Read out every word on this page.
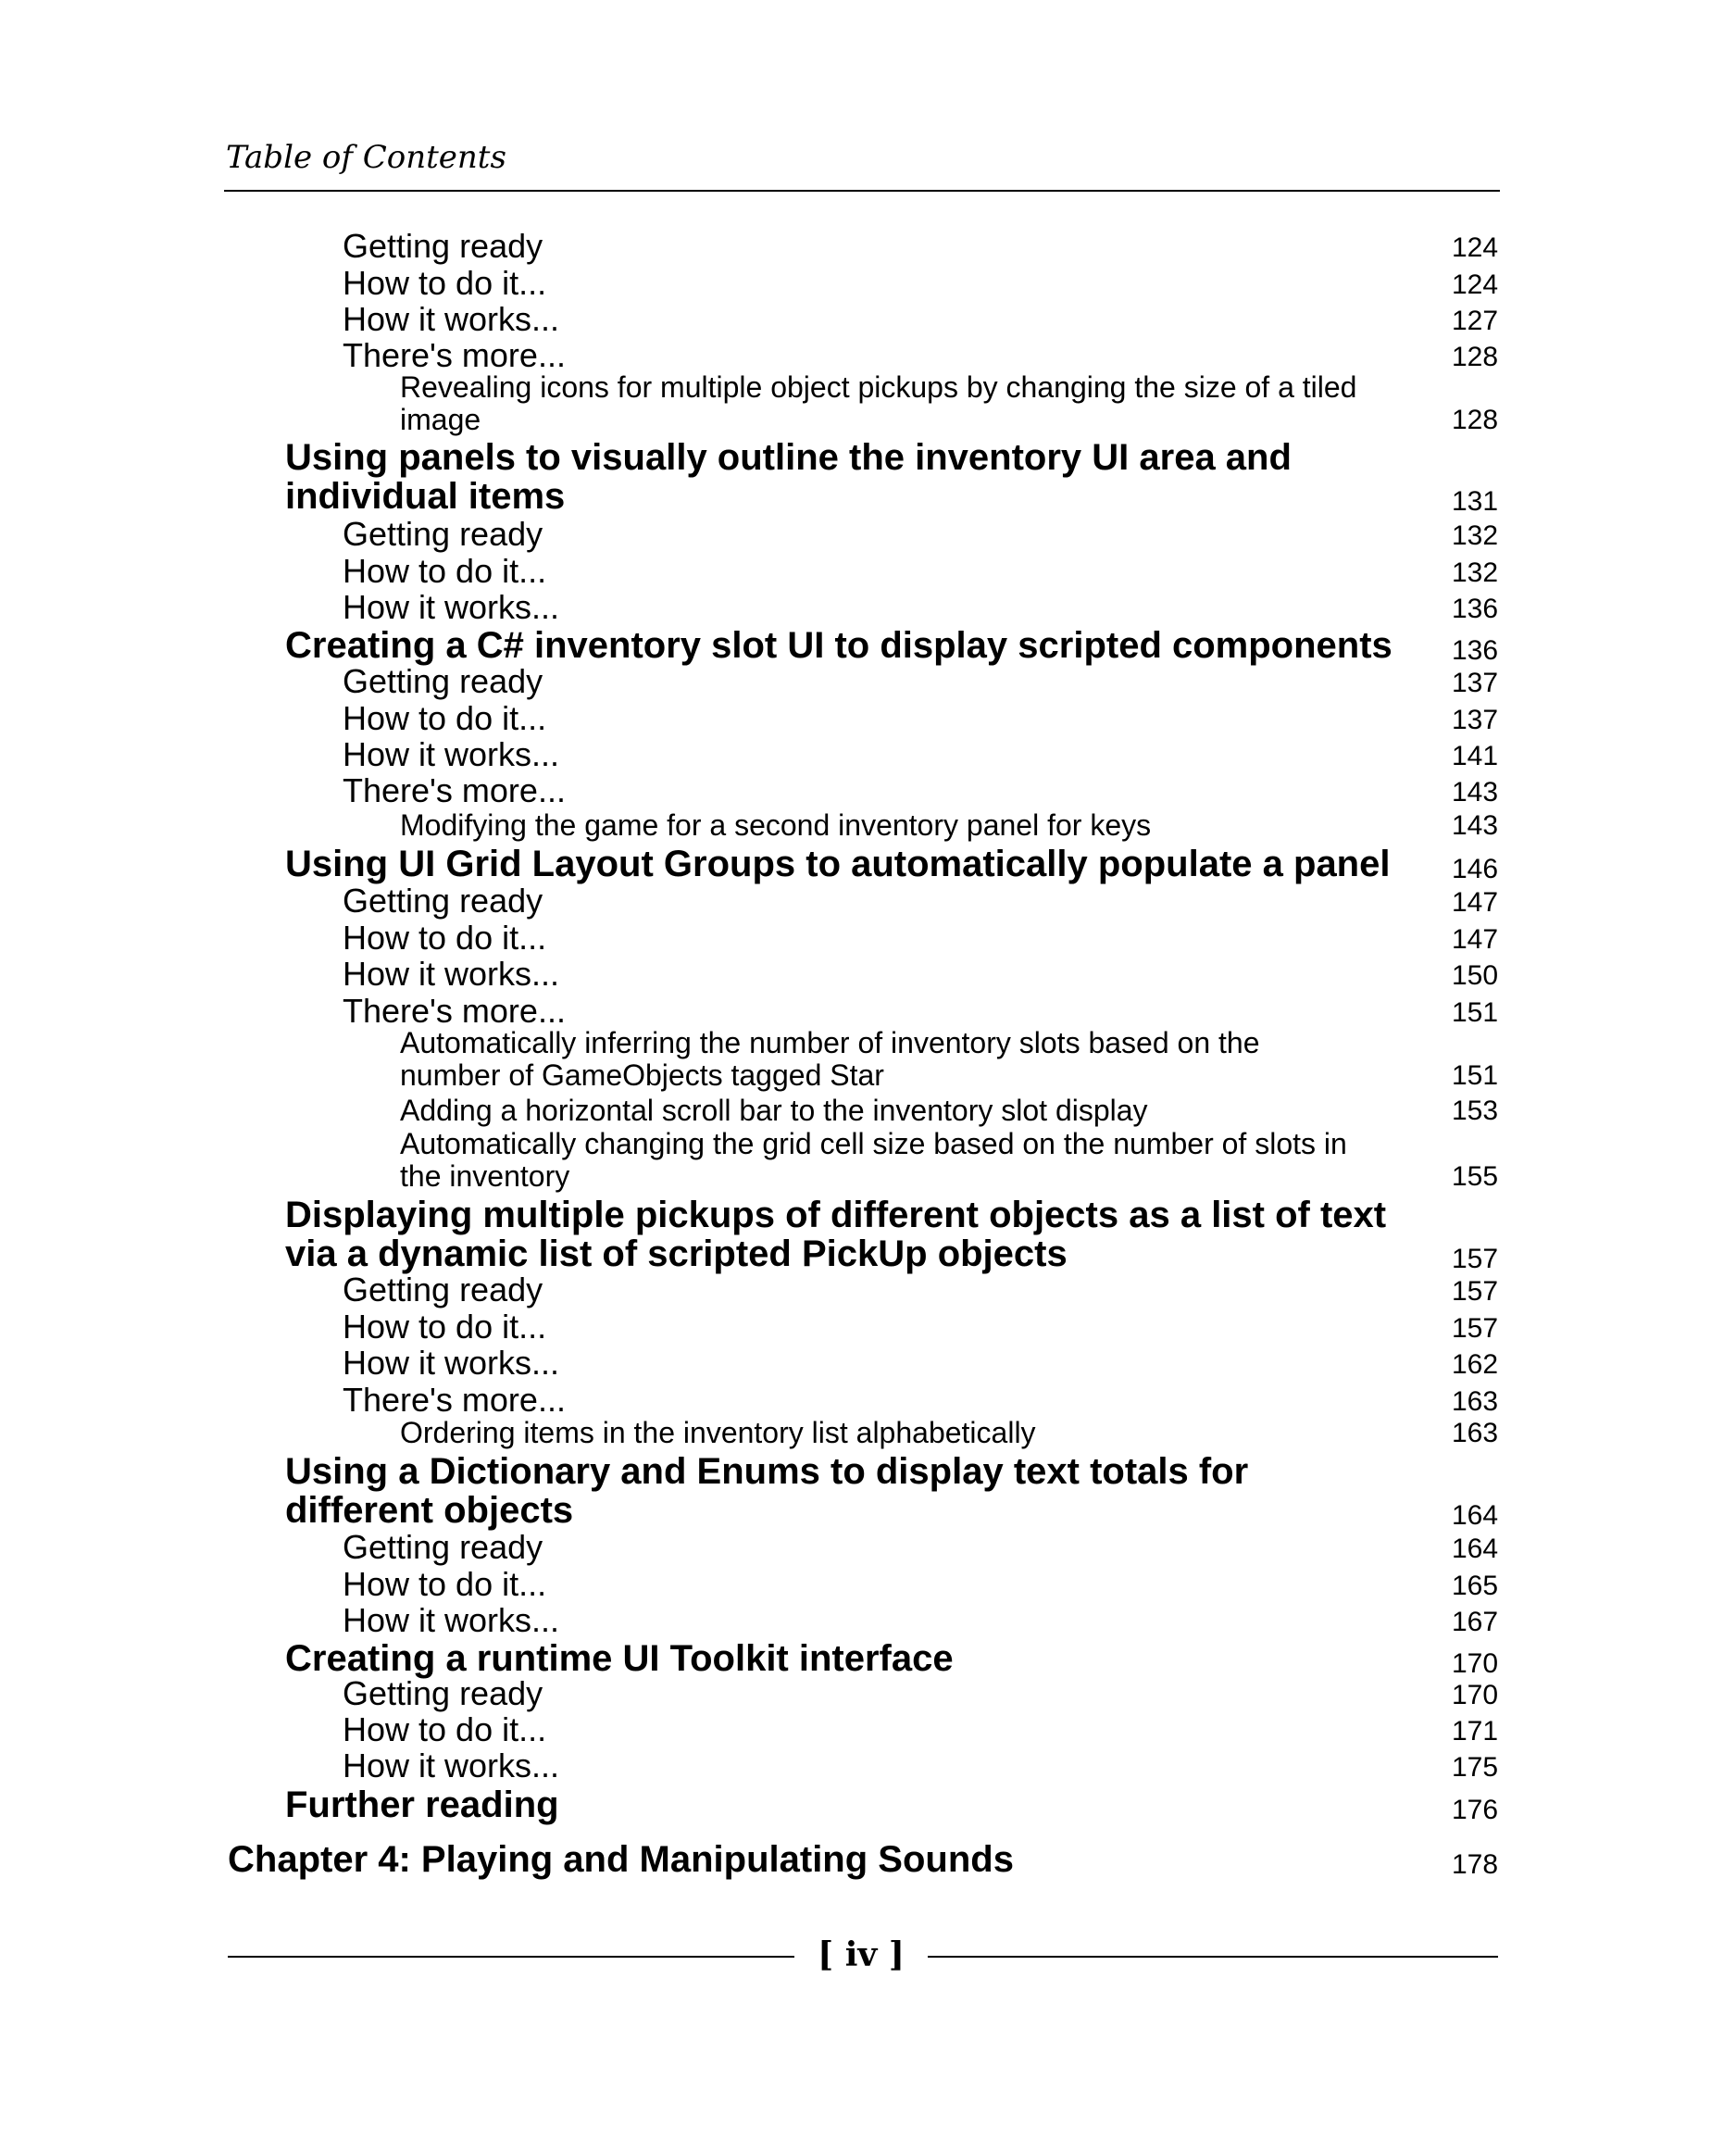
Table of Contents
Getting ready	124
How to do it...	124
How it works...	127
There's more...	128
Revealing icons for multiple object pickups by changing the size of a tiled
image	128
Using panels to visually outline the inventory UI area and
individual items	131
Getting ready	132
How to do it...	132
How it works...	136
Creating a C# inventory slot UI to display scripted components 136
Getting ready	137
How to do it...	137
How it works...	141
There's more...	143
Modifying the game for a second inventory panel for keys	143
Using UI Grid Layout Groups to automatically populate a panel 146
Getting ready	147
How to do it...	147
How it works...	150
There's more...	151
Automatically inferring the number of inventory slots based on the
number of GameObjects tagged Star	151
Adding a horizontal scroll bar to the inventory slot display	153
Automatically changing the grid cell size based on the number of slots in
the inventory	155
Displaying multiple pickups of different objects as a list of text
via a dynamic list of scripted PickUp objects	157
Getting ready	157
How to do it...	157
How it works...	162
There's more...	163
Ordering items in the inventory list alphabetically	163
Using a Dictionary and Enums to display text totals for
different objects	164
Getting ready	164
How to do it...	165
How it works...	167
Creating a runtime UI Toolkit interface	170
Getting ready	170
How to do it...	171
How it works...	175
Further reading	176
Chapter 4: Playing and Manipulating Sounds	178
[ iv ]
